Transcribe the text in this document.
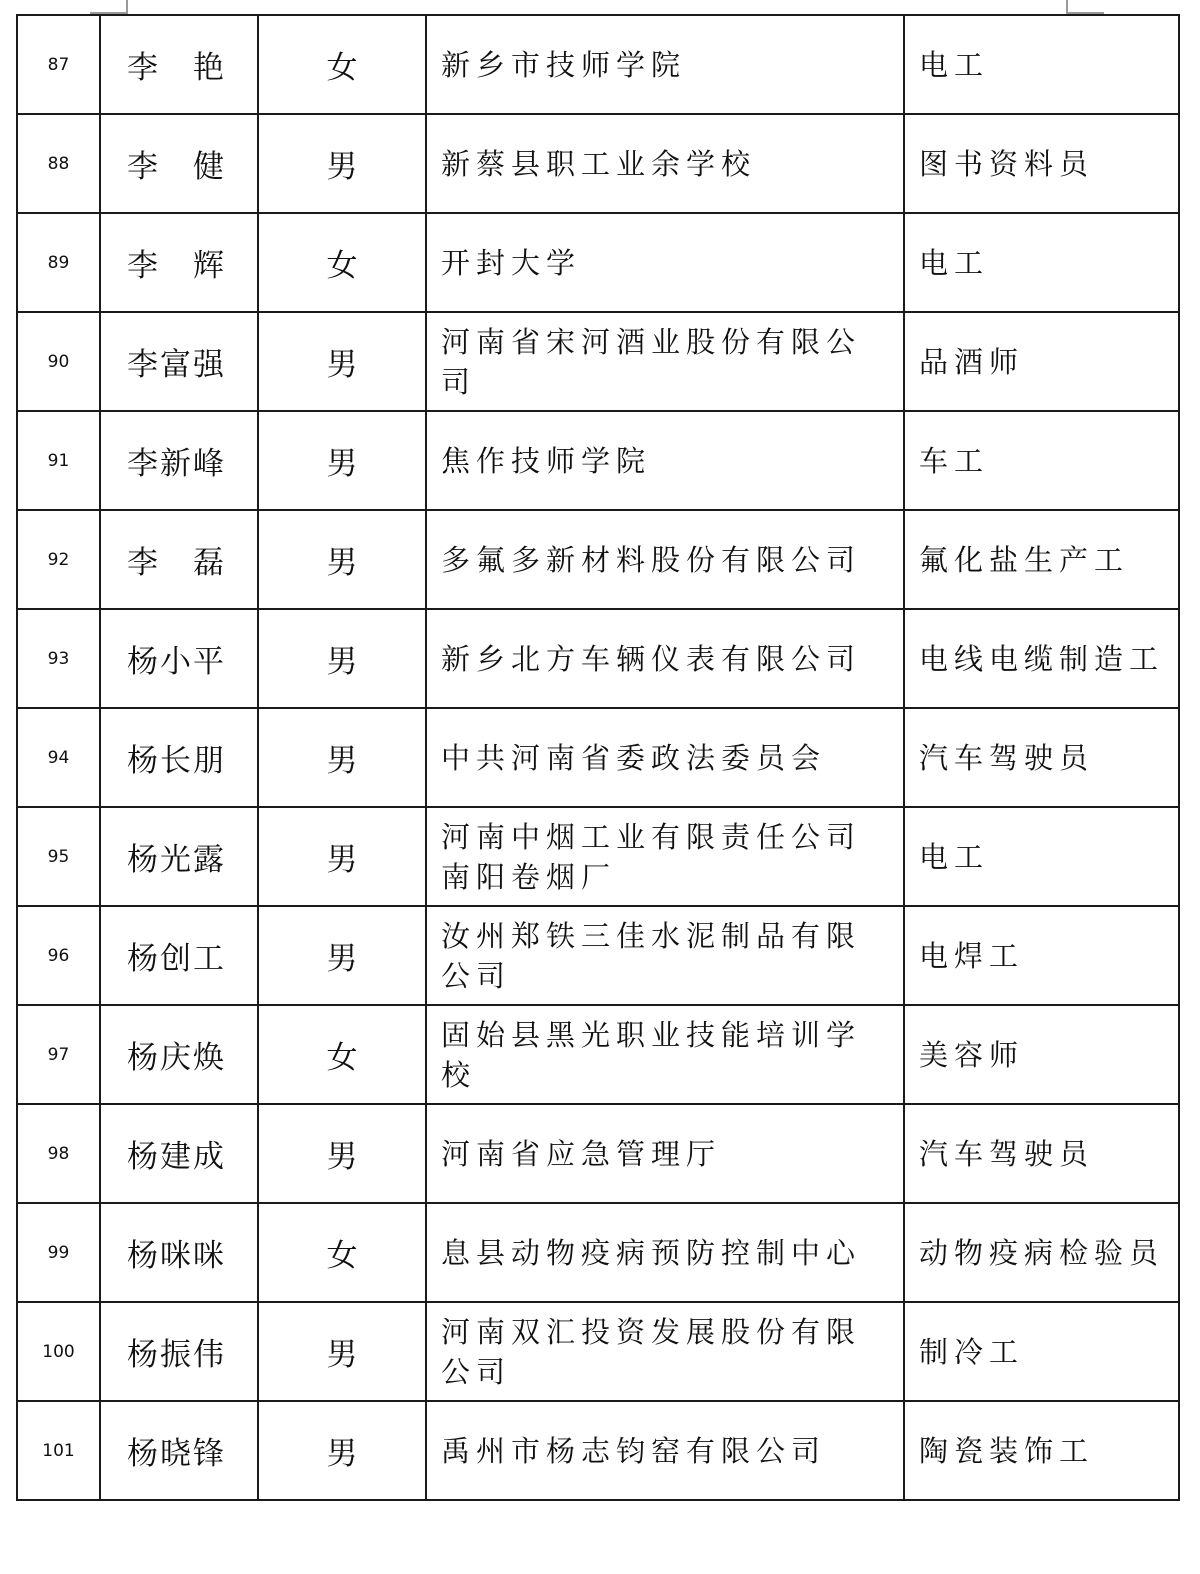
87	李　艳	女	新乡市技师学院	电工
88	李　健	男	新蔡县职工业余学校	图书资料员
89	李　辉	女	开封大学	电工
90	李富强	男	河南省宋河酒业股份有限公司	品酒师
91	李新峰	男	焦作技师学院	车工
92	李　磊	男	多氟多新材料股份有限公司	氟化盐生产工
93	杨小平	男	新乡北方车辆仪表有限公司	电线电缆制造工
94	杨长朋	男	中共河南省委政法委员会	汽车驾驶员
95	杨光露	男	河南中烟工业有限责任公司南阳卷烟厂	电工
96	杨创工	男	汝州郑铁三佳水泥制品有限公司	电焊工
97	杨庆焕	女	固始县黑光职业技能培训学校	美容师
98	杨建成	男	河南省应急管理厅	汽车驾驶员
99	杨咪咪	女	息县动物疫病预防控制中心	动物疫病检验员
100	杨振伟	男	河南双汇投资发展股份有限公司	制冷工
101	杨晓锋	男	禹州市杨志钧窑有限公司	陶瓷装饰工
